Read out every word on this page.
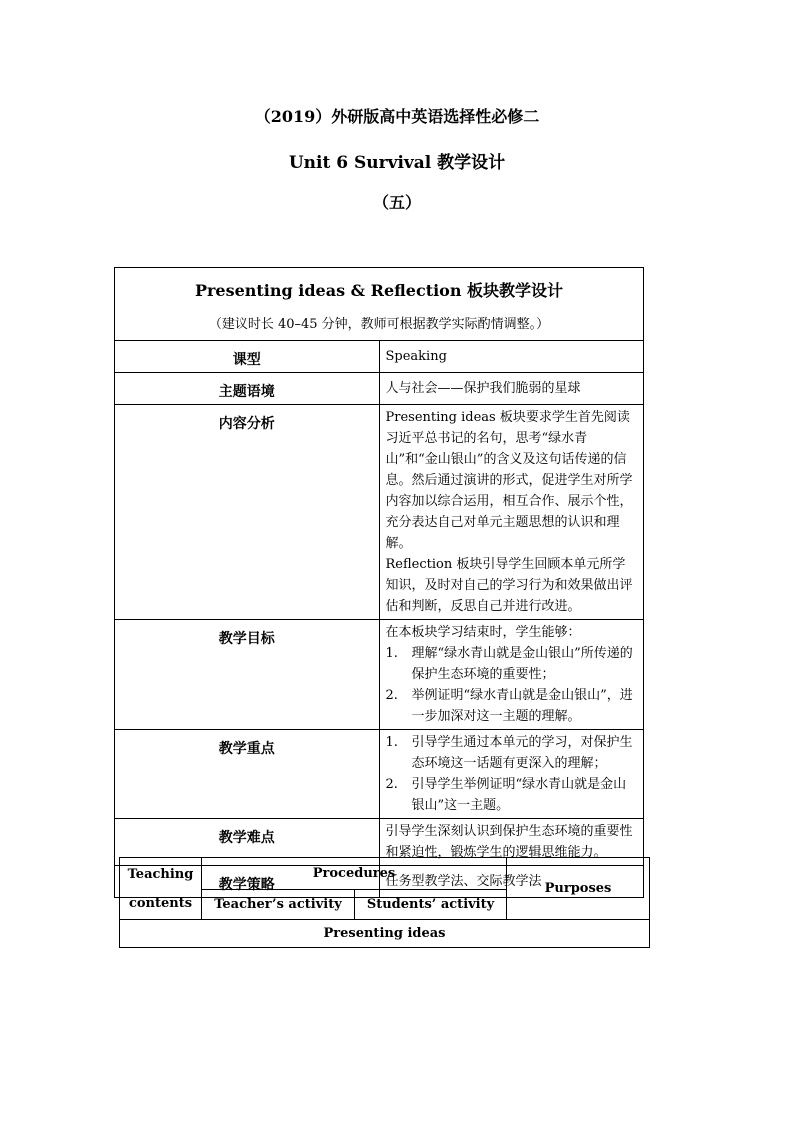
（2019）外研版高中英语选择性必修二
Unit 6 Survival 教学设计
（五）
Presenting ideas & Reflection 板块教学设计
（建议时长 40–45 分钟，教师可根据教学实际酌情调整。）	

课型	Speaking
主题语境	人与社会——保护我们脆弱的星球
内容分析	Presenting ideas 板块要求学生首先阅读习近平总书记的名句，思考“绿水青山”和“金山银山”的含义及这句话传递的信息。然后通过演讲的形式，促进学生对所学内容加以综合运用，相互合作、展示个性，充分表达自己对单元主题思想的认识和理解。
Reflection 板块引导学生回顾本单元所学知识，及时对自己的学习行为和效果做出评估和判断，反思自己并进行改进。

教学目标	在本板块学习结束时，学生能够：
1. 理解“绿水青山就是金山银山”所传递的保护生态环境的重要性；
2. 举例证明“绿水青山就是金山银山”，进一步加深对这一主题的理解。

教学重点	1. 引导学生通过本单元的学习，对保护生态环境这一话题有更深入的理解；
2. 引导学生举例证明“绿水青山就是金山银山”这一主题。

教学难点	引导学生深刻认识到保护生态环境的重要性和紧迫性，锻炼学生的逻辑思维能力。
教学策略	任务型教学法、交际教学法
Teaching
contents	Procedures		Purposes
	Teacher’s activity	Students’ activity	
Presenting ideas			
